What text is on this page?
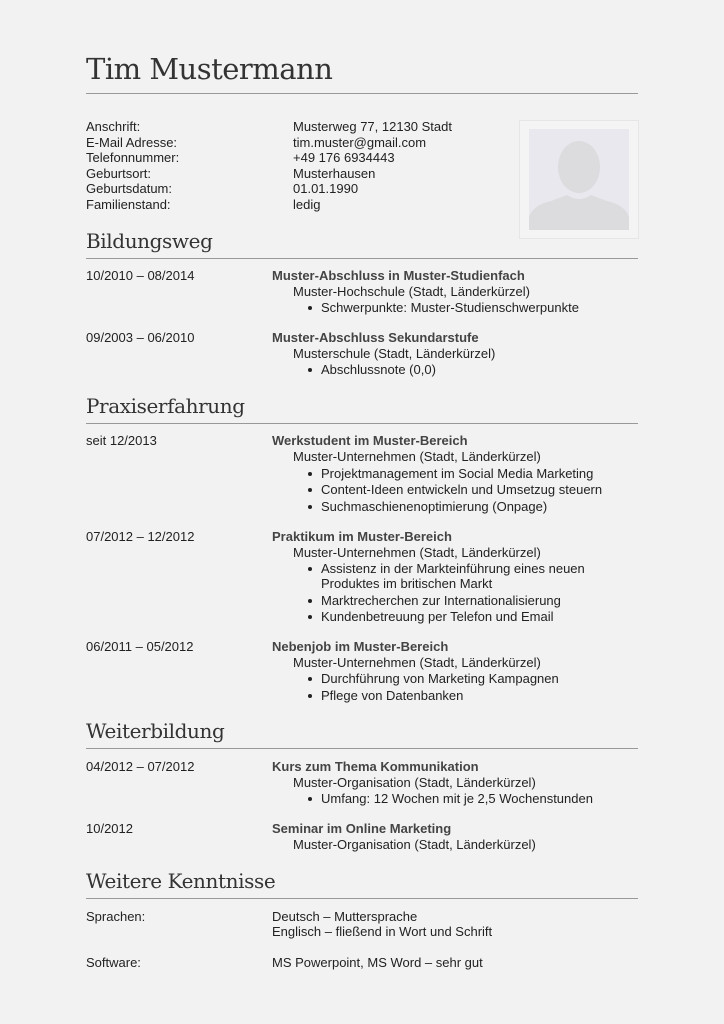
Tim Mustermann
Anschrift:	Musterweg 77, 12130 Stadt
E-Mail Adresse:	tim.muster@gmail.com
Telefonnummer:	+49 176 6934443
Geburtsort:	Musterhausen
Geburtsdatum:	01.01.1990
Familienstand:	ledig
Bildungsweg
10/2010 – 08/2014	Muster-Abschluss in Muster-Studienfach
Muster-Hochschule (Stadt, Länderkürzel)
Schwerpunkte: Muster-Studienschwerpunkte
09/2003 – 06/2010	Muster-Abschluss Sekundarstufe
Musterschule (Stadt, Länderkürzel)
Abschlussnote (0,0)
Praxiserfahrung
seit 12/2013	Werkstudent im Muster-Bereich
Muster-Unternehmen (Stadt, Länderkürzel)
Projektmanagement im Social Media Marketing
Content-Ideen entwickeln und Umsetzug steuern
Suchmaschienenoptimierung (Onpage)
07/2012 – 12/2012	Praktikum im Muster-Bereich
Muster-Unternehmen (Stadt, Länderkürzel)
Assistenz in der Markteinführung eines neuen
Produktes im britischen Markt
Marktrecherchen zur Internationalisierung
Kundenbetreuung per Telefon und Email
06/2011 – 05/2012	Nebenjob im Muster-Bereich
Muster-Unternehmen (Stadt, Länderkürzel)
Durchführung von Marketing Kampagnen
Pflege von Datenbanken
Weiterbildung
04/2012 – 07/2012	Kurs zum Thema Kommunikation
Muster-Organisation (Stadt, Länderkürzel)
Umfang: 12 Wochen mit je 2,5 Wochenstunden
10/2012	Seminar im Online Marketing
Muster-Organisation (Stadt, Länderkürzel)
Weitere Kenntnisse
Sprachen:	Deutsch – Muttersprache
Englisch – fließend in Wort und Schrift
Software:	MS Powerpoint, MS Word – sehr gut
